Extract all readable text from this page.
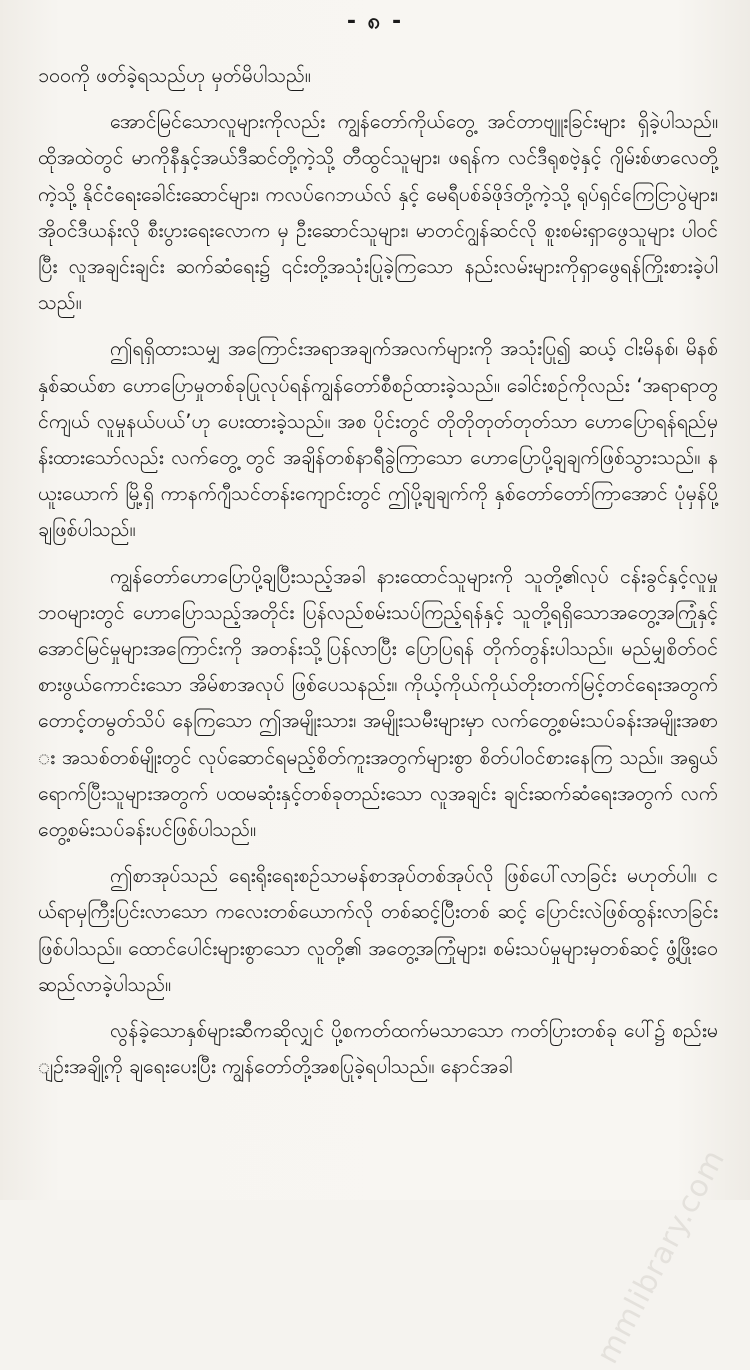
- ၈ -

၁၀၀ကို ဖတ်ခဲ့ရသည်ဟု မှတ်မိပါသည်။

အောင်မြင်သောလူများကိုလည်း ကျွန်တော်ကိုယ်တွေ့ အင်တာဗျူးခြင်းများ ရှိခဲ့ပါသည်။ ထိုအထဲတွင် မာကိုနီနှင့်အယ်ဒီဆင်တို့ကဲ့သို့ တီထွင်သူများ၊ ဖရန်က လင်ဒီရုစဗဲ့နှင့် ဂျိမ်းစ်ဖာလေတို့ကဲ့သို့ နိုင်ငံရေးခေါင်းဆောင်များ၊ ကလပ်ဂေဘယ်လ် နှင့် မေရီပစ်ခ်ဖိုဒ်တို့ကဲ့သို့ ရုပ်ရှင်ကြေငြာပွဲများ၊ အိုဝင်ဒီယန်းလို စီးပွားရေးလောက မှ ဦးဆောင်သူများ၊ မာတင်ဂျွန်ဆင်လို စူးစမ်းရှာဖွေသူများ ပါဝင်ပြီး လူအချင်းချင်း ဆက်ဆံရေး၌ ၎င်းတို့အသုံးပြုခဲ့ကြသော နည်းလမ်းများကိုရှာဖွေရန်ကြိုးစားခဲ့ပါ သည်။

ဤရရှိထားသမျှ အကြောင်းအရာအချက်အလက်များကို အသုံးပြု၍ ဆယ့် ငါးမိနစ်၊ မိနစ်နှစ်ဆယ်စာ ဟောပြောမှုတစ်ခုပြုလုပ်ရန်ကျွန်တော်စီစဉ်ထားခဲ့သည်။ ခေါင်းစဉ်ကိုလည်း ‘အရာရာတွင်ကျယ် လူမှုနယ်ပယ်’ဟု ပေးထားခဲ့သည်။ အစ ပိုင်းတွင် တိုတိုတုတ်တုတ်သာ ဟောပြောရန်ရည်မှန်းထားသော်လည်း လက်တွေ့ တွင် အချိန်တစ်နာရီခွဲကြာသော ဟောပြောပို့ချချက်ဖြစ်သွားသည်။ နယူးယောက် မြို့ရှိ ကာနက်ဂျီသင်တန်းကျောင်းတွင် ဤပို့ချချက်ကို နှစ်တော်တော်ကြာအောင် ပုံမှန်ပို့ချဖြစ်ပါသည်။

ကျွန်တော်ဟောပြောပို့ချပြီးသည့်အခါ နားထောင်သူများကို သူတို့၏လုပ် ငန်းခွင်နှင့်လူမှုဘဝများတွင် ဟောပြောသည့်အတိုင်း ပြန်လည်စမ်းသပ်ကြည့်ရန်နှင့် သူတို့ရရှိသောအတွေ့အကြုံနှင့်အောင်မြင်မှုများအကြောင်းကို အတန်းသို့ပြန်လာပြီး ပြောပြရန် တိုက်တွန်းပါသည်။ မည်မျှစိတ်ဝင်စားဖွယ်ကောင်းသော အိမ်စာအလုပ် ဖြစ်ပေသနည်း။ ကိုယ့်ကိုယ်ကိုယ်တိုးတက်မြင့်တင်ရေးအတွက် တောင့်တမွတ်သိပ် နေကြသော ဤအမျိုးသား၊ အမျိုးသမီးများမှာ လက်တွေ့စမ်းသပ်ခန်းအမျိုးအစား အသစ်တစ်မျိုးတွင် လုပ်ဆောင်ရမည့်စိတ်ကူးအတွက်များစွာ စိတ်ပါဝင်စားနေကြ သည်။ အရွယ်ရောက်ပြီးသူများအတွက် ပထမဆုံးနှင့်တစ်ခုတည်းသော လူအချင်း ချင်းဆက်ဆံရေးအတွက် လက်တွေ့စမ်းသပ်ခန်းပင်ဖြစ်ပါသည်။

ဤစာအုပ်သည် ရေးရိုးရေးစဉ်သာမန်စာအုပ်တစ်အုပ်လို ဖြစ်ပေါ်လာခြင်း မဟုတ်ပါ။ ငယ်ရာမှကြီးပြင်းလာသော ကလေးတစ်ယောက်လို တစ်ဆင့်ပြီးတစ် ဆင့် ပြောင်းလဲဖြစ်ထွန်းလာခြင်းဖြစ်ပါသည်။ ထောင်ပေါင်းများစွာသော လူတို့၏ အတွေ့အကြုံများ၊ စမ်းသပ်မှုများမှတစ်ဆင့် ဖွံ့ဖြိုးဝေဆည်လာခဲ့ပါသည်။

လွန်ခဲ့သောနှစ်များဆီကဆိုလျှင် ပို့စကတ်ထက်မသာသော ကတ်ပြားတစ်ခု ပေါ်၌ စည်းမျဉ်းအချို့ကို ချရေးပေးပြီး ကျွန်တော်တို့အစပြုခဲ့ရပါသည်။ နောင်အခါ

mmlibrary.com
